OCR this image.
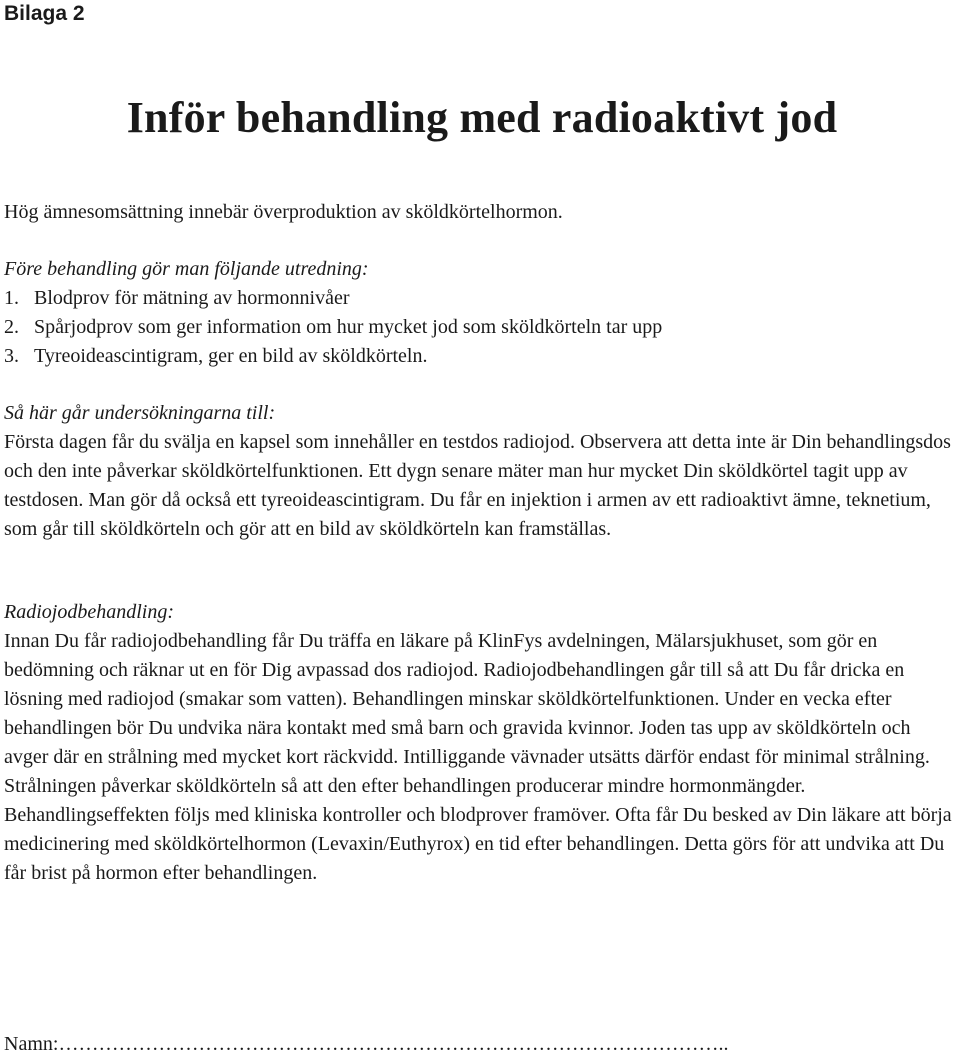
Bilaga 2
Inför behandling med radioaktivt jod

Hög ämnesomsättning innebär överproduktion av sköldkörtelhormon.

Före behandling gör man följande utredning:
1. Blodprov för mätning av hormonnivåer
2. Spårjodprov som ger information om hur mycket jod som sköldkörteln tar upp
3. Tyreoideascintigram, ger en bild av sköldkörteln.
Så här går undersökningarna till:
Första dagen får du svälja en kapsel som innehåller en testdos radiojod. Observera att detta inte är Din behandlingsdos och den inte påverkar sköldkörtelfunktionen. Ett dygn senare mäter man hur mycket Din sköldkörtel tagit upp av testdosen. Man gör då också ett tyreoideascintigram. Du får en injektion i armen av ett radioaktivt ämne, teknetium, som går till sköldkörteln och gör att en bild av sköldkörteln kan framställas.
Radiojodbehandling:
Innan Du får radiojodbehandling får Du träffa en läkare på KlinFys avdelningen, Mälarsjukhuset, som gör en bedömning och räknar ut en för Dig avpassad dos radiojod. Radiojodbehandlingen går till så att Du får dricka en lösning med radiojod (smakar som vatten). Behandlingen minskar sköldkörtelfunktionen. Under en vecka efter behandlingen bör Du undvika nära kontakt med små barn och gravida kvinnor. Joden tas upp av sköldkörteln och avger där en strålning med mycket kort räckvidd. Intilliggande vävnader utsätts därför endast för minimal strålning. Strålningen påverkar sköldkörteln så att den efter behandlingen producerar mindre hormonmängder. Behandlingseffekten följs med kliniska kontroller och blodprover framöver. Ofta får Du besked av Din läkare att börja medicinering med sköldkörtelhormon (Levaxin/Euthyrox) en tid efter behandlingen. Detta görs för att undvika att Du får brist på hormon efter behandlingen.
Namn:………………………………………………………………………………………..
